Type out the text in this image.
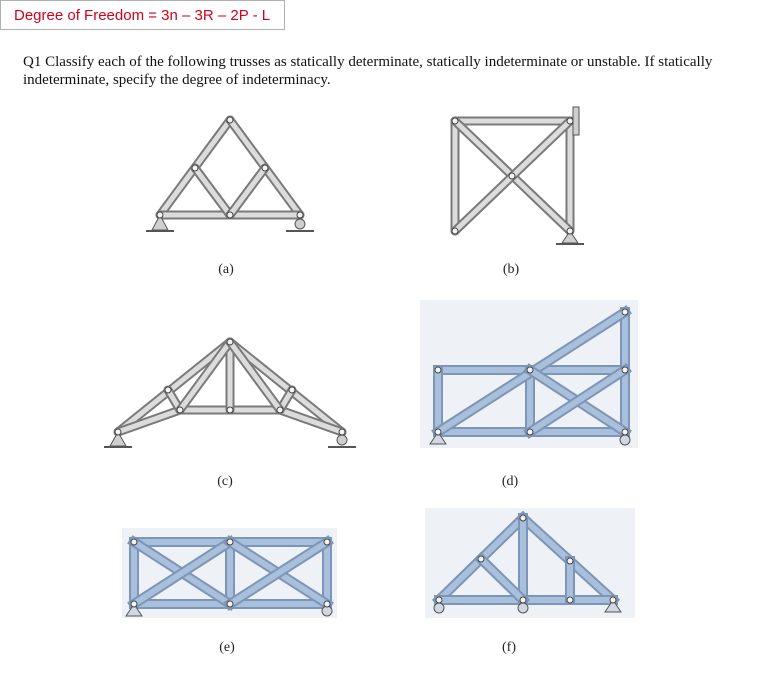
Degree of Freedom = 3n – 3R – 2P - L
Q1 Classify each of the following trusses as statically determinate, statically indeterminate or unstable. If statically indeterminate, specify the degree of indeterminacy.
(a)	(b)
(c)	(d)
(e)	(f)
